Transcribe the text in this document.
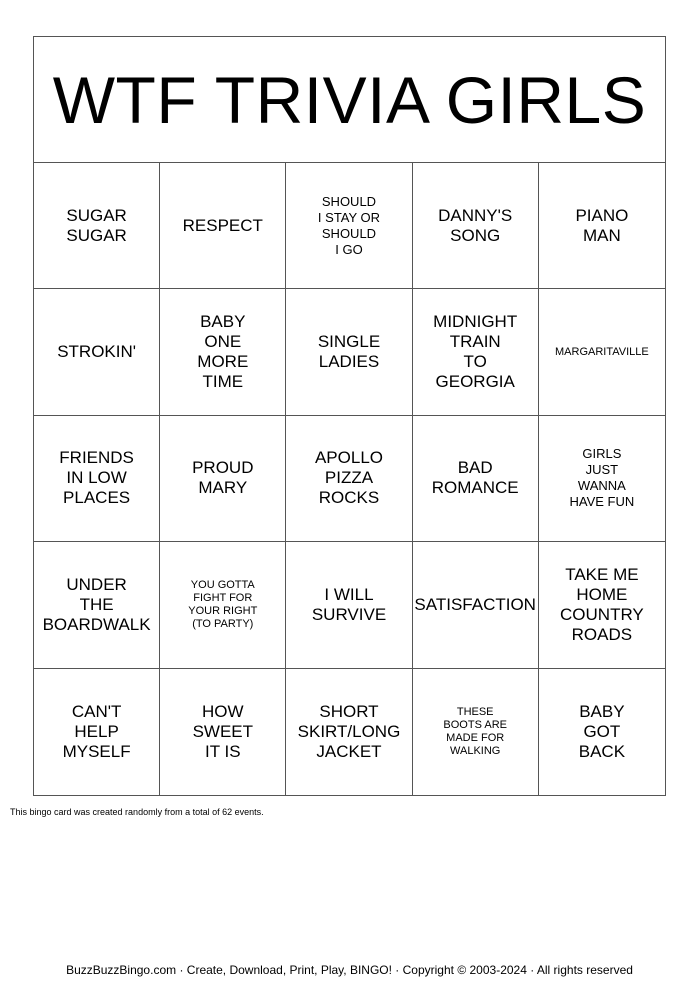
WTF TRIVIA GIRLS
SUGAR
SUGAR
RESPECT
SHOULD
I STAY OR
SHOULD
I GO
DANNY'S
SONG
PIANO
MAN
STROKIN'
BABY
ONE
MORE
TIME
SINGLE
LADIES
MIDNIGHT
TRAIN
TO
GEORGIA
MARGARITAVILLE
FRIENDS
IN LOW
PLACES
PROUD
MARY
APOLLO
PIZZA
ROCKS
BAD
ROMANCE
GIRLS
JUST
WANNA
HAVE FUN
UNDER
THE
BOARDWALK
YOU GOTTA
FIGHT FOR
YOUR RIGHT
(TO PARTY)
I WILL
SURVIVE
SATISFACTION
TAKE ME
HOME
COUNTRY
ROADS
CAN'T
HELP
MYSELF
HOW
SWEET
IT IS
SHORT
SKIRT/LONG
JACKET
THESE
BOOTS ARE
MADE FOR
WALKING
BABY
GOT
BACK
This bingo card was created randomly from a total of 62 events.
BuzzBuzzBingo.com · Create, Download, Print, Play, BINGO! · Copyright © 2003-2024 · All rights reserved
